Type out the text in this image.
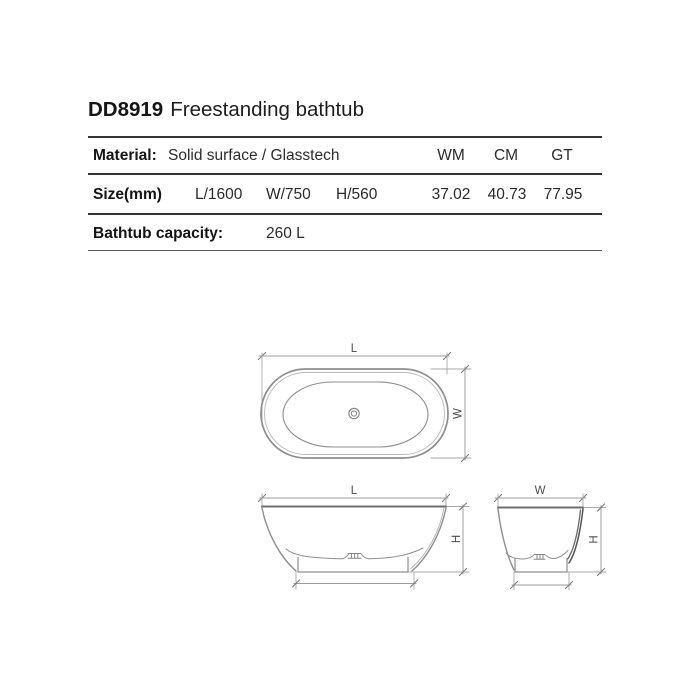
DD8919 Freestanding bathtub
Material: Solid surface / Glasstech	WM CM GT
Size(mm) L/1600 W/750 H/560	37.02 40.73 77.95
Bathtub capacity:	260 L
L
W
L
H
W
H
